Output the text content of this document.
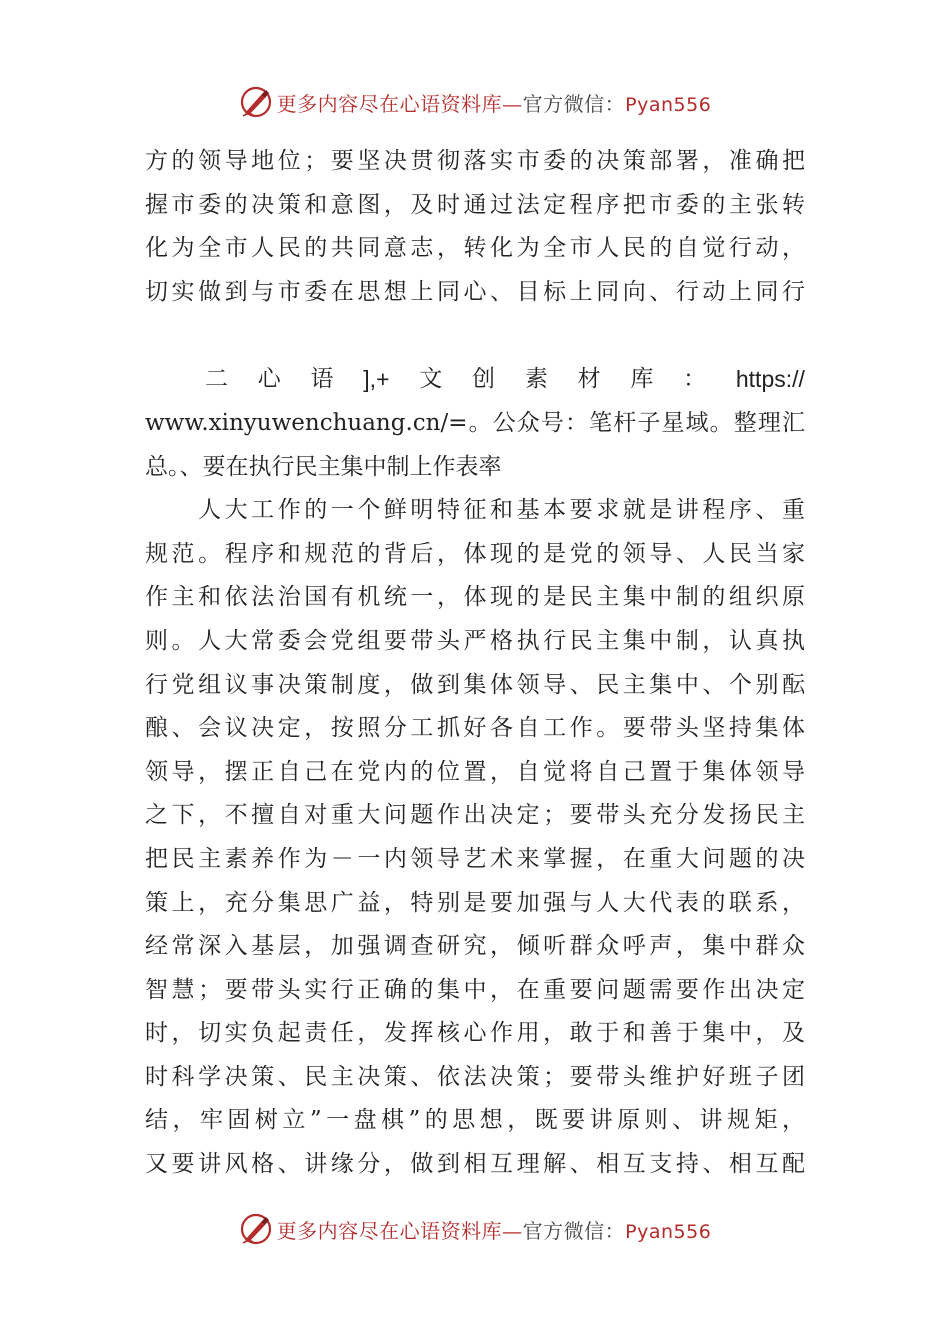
更多内容尽在心语资料库—官方微信：Pyan556
方的领导地位；要坚决贯彻落实市委的决策部署，准确把
握市委的决策和意图，及时通过法定程序把市委的主张转
化为全市人民的共同意志，转化为全市人民的自觉行动，
切实做到与市委在思想上同心、目标上同向、行动上同行
二 心 语 ],+ 文 创 素 材 库 ： https://
www.xinyuwenchuang.cn/=。公众号：笔杆子星域。整理汇
总。、要在执行民主集中制上作表率
　　人大工作的一个鲜明特征和基本要求就是讲程序、重
规范。程序和规范的背后，体现的是党的领导、人民当家
作主和依法治国有机统一，体现的是民主集中制的组织原
则。人大常委会党组要带头严格执行民主集中制，认真执
行党组议事决策制度，做到集体领导、民主集中、个别酝
酿、会议决定，按照分工抓好各自工作。要带头坚持集体
领导，摆正自己在党内的位置，自觉将自己置于集体领导
之下，不擅自对重大问题作出决定；要带头充分发扬民主
把民主素养作为－一内领导艺术来掌握，在重大问题的决
策上，充分集思广益，特别是要加强与人大代表的联系，
经常深入基层，加强调查研究，倾听群众呼声，集中群众
智慧；要带头实行正确的集中，在重要问题需要作出决定
时，切实负起责任，发挥核心作用，敢于和善于集中，及
时科学决策、民主决策、依法决策；要带头维护好班子团
结，牢固树立”一盘棋”的思想，既要讲原则、讲规矩，
又要讲风格、讲缘分，做到相互理解、相互支持、相互配
更多内容尽在心语资料库—官方微信：Pyan556
